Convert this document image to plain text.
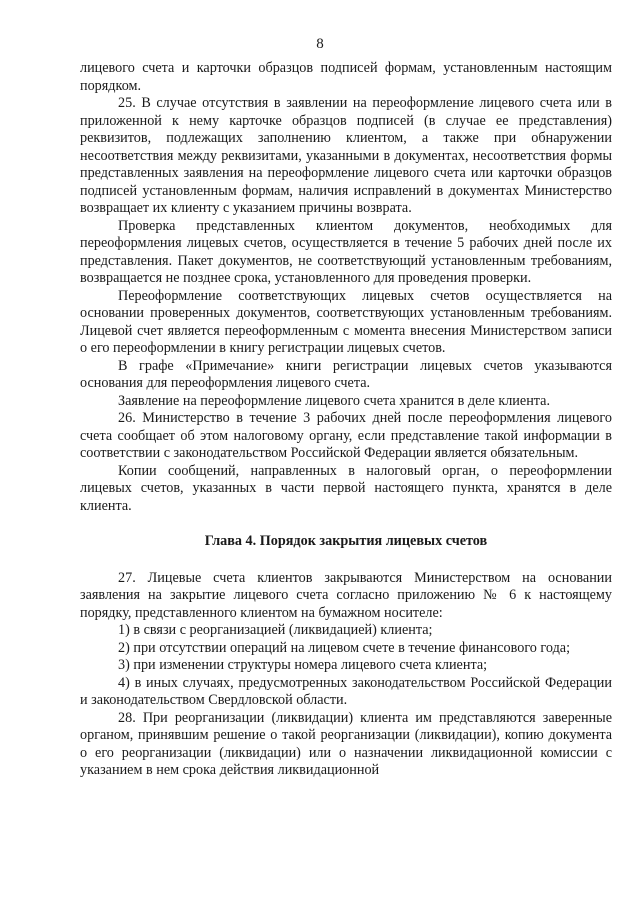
8

лицевого счета и карточки образцов подписей формам, установленным настоящим порядком.

25. В случае отсутствия в заявлении на переоформление лицевого счета или в приложенной к нему карточке образцов подписей (в случае ее представления) реквизитов, подлежащих заполнению клиентом, а также при обнаружении несоответствия между реквизитами, указанными в документах, несоответствия формы представленных заявления на переоформление лицевого счета или карточки образцов подписей установленным формам, наличия исправлений в документах Министерство возвращает их клиенту с указанием причины возврата.

Проверка представленных клиентом документов, необходимых для переоформления лицевых счетов, осуществляется в течение 5 рабочих дней после их представления. Пакет документов, не соответствующий установленным требованиям, возвращается не позднее срока, установленного для проведения проверки.

Переоформление соответствующих лицевых счетов осуществляется на основании проверенных документов, соответствующих установленным требованиям. Лицевой счет является переоформленным с момента внесения Министерством записи о его переоформлении в книгу регистрации лицевых счетов.

В графе «Примечание» книги регистрации лицевых счетов указываются основания для переоформления лицевого счета.

Заявление на переоформление лицевого счета хранится в деле клиента.

26. Министерство в течение 3 рабочих дней после переоформления лицевого счета сообщает об этом налоговому органу, если представление такой информации в соответствии с законодательством Российской Федерации является обязательным.

Копии сообщений, направленных в налоговый орган, о переоформлении лицевых счетов, указанных в части первой настоящего пункта, хранятся в деле клиента.

Глава 4. Порядок закрытия лицевых счетов

27. Лицевые счета клиентов закрываются Министерством на основании заявления на закрытие лицевого счета согласно приложению № 6 к настоящему порядку, представленного клиентом на бумажном носителе:

1) в связи с реорганизацией (ликвидацией) клиента;

2) при отсутствии операций на лицевом счете в течение финансового года;

3) при изменении структуры номера лицевого счета клиента;

4) в иных случаях, предусмотренных законодательством Российской Федерации и законодательством Свердловской области.

28. При реорганизации (ликвидации) клиента им представляются заверенные органом, принявшим решение о такой реорганизации (ликвидации), копию документа о его реорганизации (ликвидации) или о назначении ликвидационной комиссии с указанием в нем срока действия ликвидационной
